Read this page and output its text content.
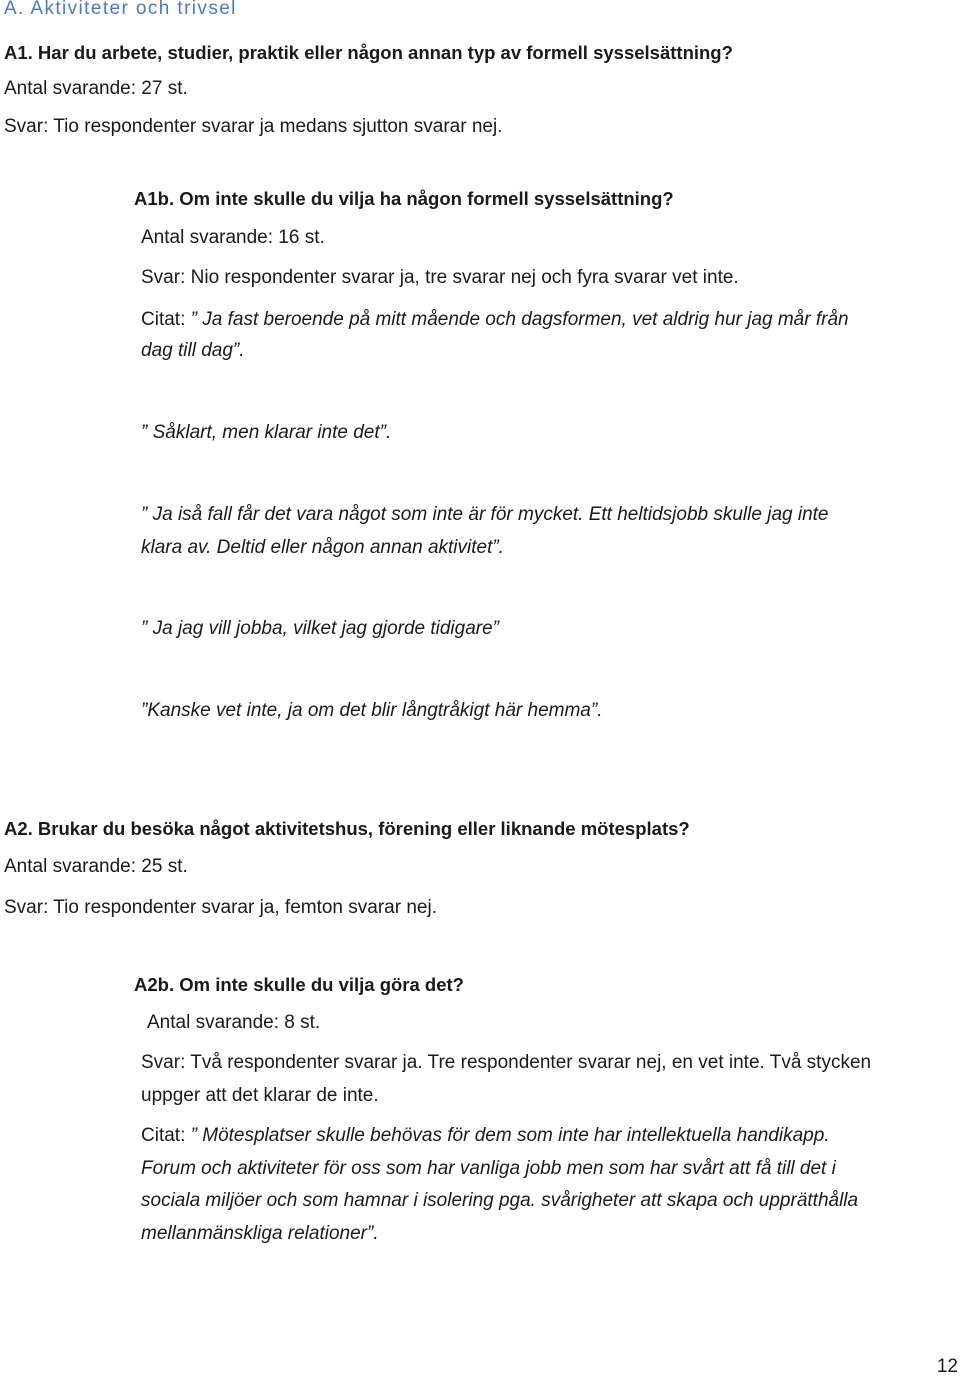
A. Aktiviteter och trivsel
A1. Har du arbete, studier, praktik eller någon annan typ av formell sysselsättning?
Antal svarande: 27 st.
Svar: Tio respondenter svarar ja medans sjutton svarar nej.
A1b. Om inte skulle du vilja ha någon formell sysselsättning?
Antal svarande: 16 st.
Svar: Nio respondenter svarar ja, tre svarar nej och fyra svarar vet inte.
Citat: ” Ja fast beroende på mitt mående och dagsformen, vet aldrig hur jag mår från
dag till dag”.
” Såklart, men klarar inte det”.
” Ja iså fall får det vara något som inte är för mycket. Ett heltidsjobb skulle jag inte
klara av. Deltid eller någon annan aktivitet”.
” Ja jag vill jobba, vilket jag gjorde tidigare”
”Kanske vet inte, ja om det blir långtråkigt här hemma”.
A2. Brukar du besöka något aktivitetshus, förening eller liknande mötesplats?
Antal svarande: 25 st.
Svar: Tio respondenter svarar ja, femton svarar nej.
A2b. Om inte skulle du vilja göra det?
Antal svarande: 8 st.
Svar: Två respondenter svarar ja. Tre respondenter svarar nej, en vet inte. Två stycken
uppger att det klarar de inte.
Citat: ” Mötesplatser skulle behövas för dem som inte har intellektuella handikapp.
Forum och aktiviteter för oss som har vanliga jobb men som har svårt att få till det i
sociala miljöer och som hamnar i isolering pga. svårigheter att skapa och upprätthålla
mellanmänskliga relationer”.
12
